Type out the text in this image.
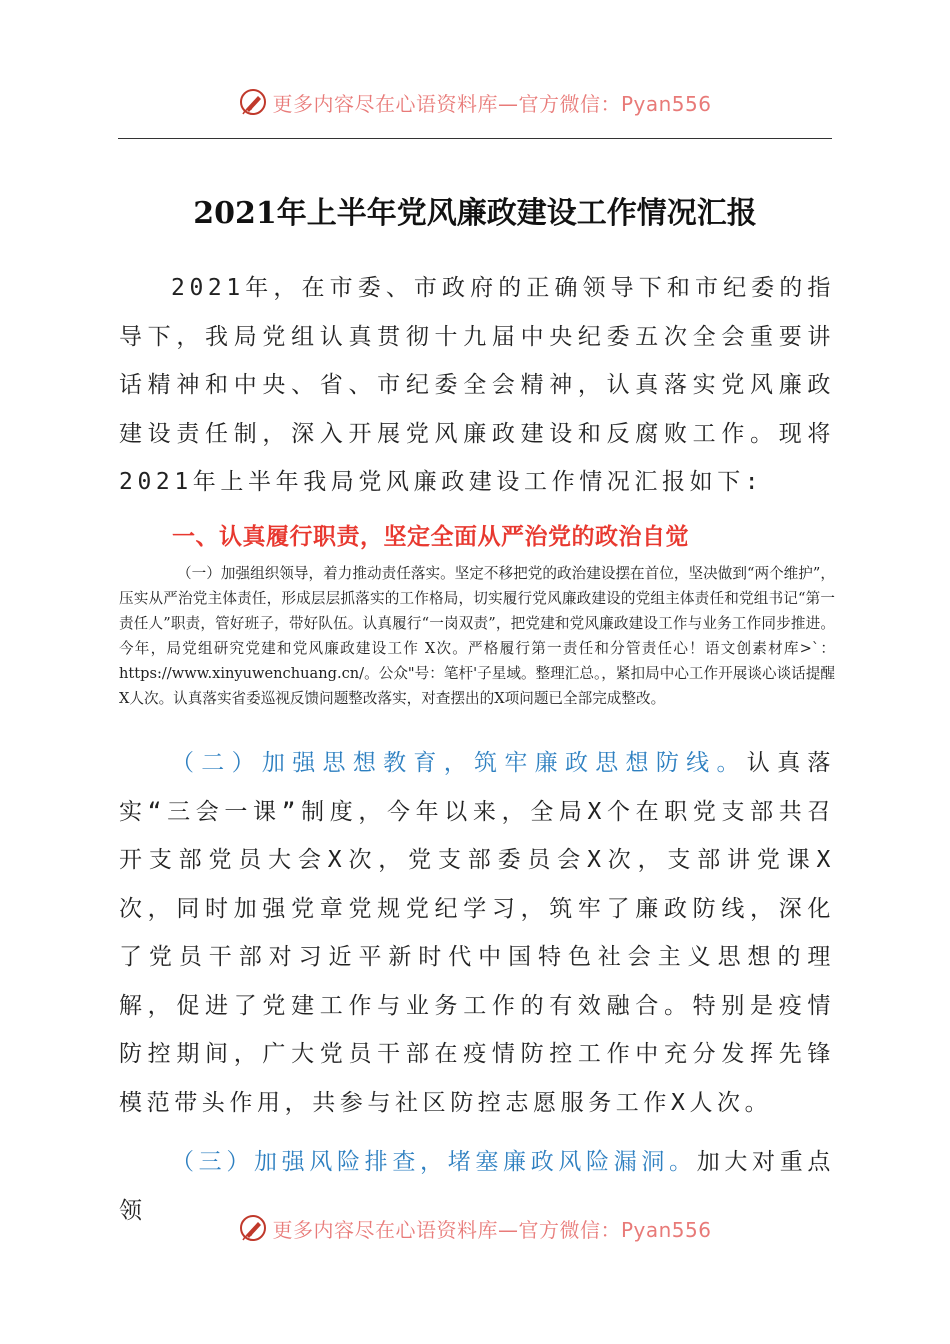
更多内容尽在心语资料库—官方微信：Pyan556
2021年上半年党风廉政建设工作情况汇报

2021年，在市委、市政府的正确领导下和市纪委的指导下，我局党组认真贯彻十九届中央纪委五次全会重要讲话精神和中央、省、市纪委全会精神，认真落实党风廉政建设责任制，深入开展党风廉政建设和反腐败工作。现将2021年上半年我局党风廉政建设工作情况汇报如下:

一、认真履行职责，坚定全面从严治党的政治自觉

（一）加强组织领导，着力推动责任落实。坚定不移把党的政治建设摆在首位，坚决做到“两个维护”，压实从严治党主体责任，形成层层抓落实的工作格局，切实履行党风廉政建设的党组主体责任和党组书记“第一责任人”职责，管好班子，带好队伍。认真履行“一岗双责”，把党建和党风廉政建设工作与业务工作同步推进。今年，局党组研究党建和党风廉政建设工作 X次。严格履行第一责任和分管责任心！语文创素材库>`：https://www.xinyuwenchuang.cn/。公众"号：笔杆'子星域。整理汇总。，紧扣局中心工作开展谈心谈话提醒X人次。认真落实省委巡视反馈问题整改落实，对查摆出的X项问题已全部完成整改。

（二）加强思想教育，筑牢廉政思想防线。认真落实“三会一课”制度，今年以来，全局X个在职党支部共召开支部党员大会X次，党支部委员会X次，支部讲党课X次，同时加强党章党规党纪学习，筑牢了廉政防线，深化了党员干部对习近平新时代中国特色社会主义思想的理解，促进了党建工作与业务工作的有效融合。特别是疫情防控期间，广大党员干部在疫情防控工作中充分发挥先锋模范带头作用，共参与社区防控志愿服务工作X人次。

（三）加强风险排查，堵塞廉政风险漏洞。加大对重点领

更多内容尽在心语资料库—官方微信：Pyan556
